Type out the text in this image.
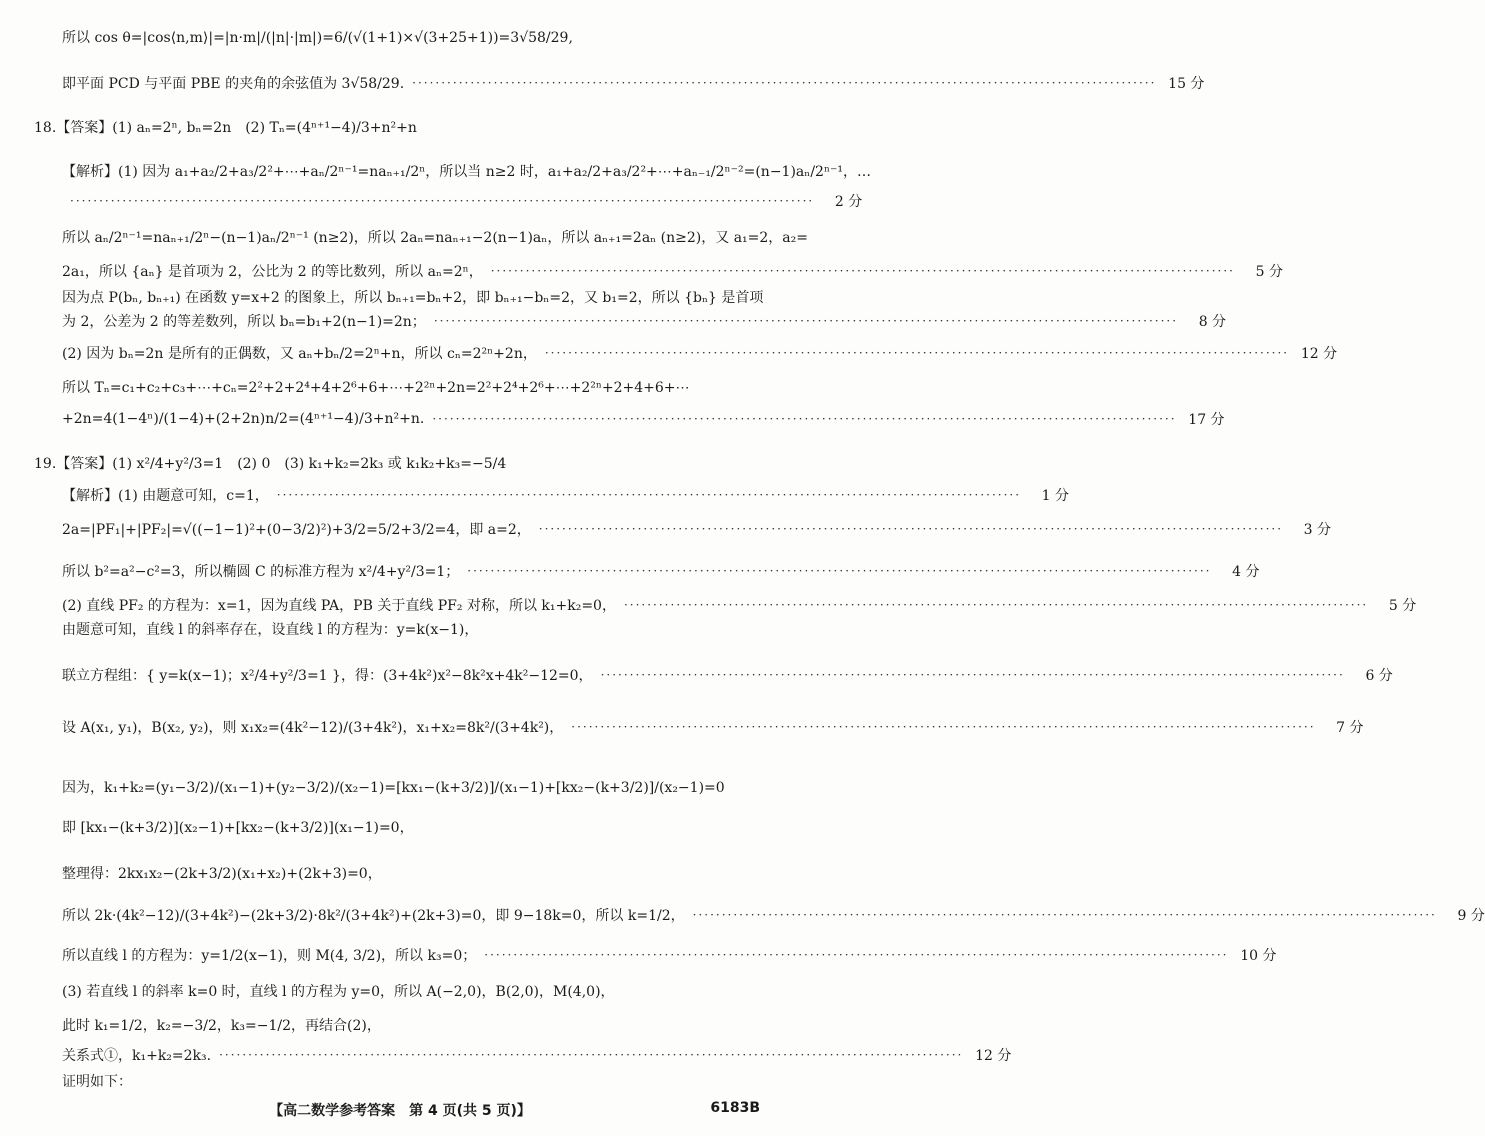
所以 cos θ=|cos⟨n,m⟩|=|n·m|/(|n|·|m|)=6/(√(1+1)×√(3+25+1))=3√58/29,
即平面 PCD 与平面 PBE 的夹角的余弦值为 3√58/29. ································································································································ 15 分
18.【答案】(1) aₙ=2ⁿ, bₙ=2n　(2) Tₙ=(4ⁿ⁺¹−4)/3+n²+n
【解析】(1) 因为 a₁+a₂/2+a₃/2²+⋯+aₙ/2ⁿ⁻¹=naₙ₊₁/2ⁿ，所以当 n≥2 时，a₁+a₂/2+a₃/2²+⋯+aₙ₋₁/2ⁿ⁻²=(n−1)aₙ/2ⁿ⁻¹，…
································································································································	2 分
所以 aₙ/2ⁿ⁻¹=naₙ₊₁/2ⁿ−(n−1)aₙ/2ⁿ⁻¹ (n≥2)，所以 2aₙ=naₙ₊₁−2(n−1)aₙ，所以 aₙ₊₁=2aₙ (n≥2)，又 a₁=2，a₂=
2a₁，所以 {aₙ} 是首项为 2，公比为 2 的等比数列，所以 aₙ=2ⁿ， ································································································································	5 分
因为点 P(bₙ, bₙ₊₁) 在函数 y=x+2 的图象上，所以 bₙ₊₁=bₙ+2，即 bₙ₊₁−bₙ=2，又 b₁=2，所以 {bₙ} 是首项
为 2，公差为 2 的等差数列，所以 bₙ=b₁+2(n−1)=2n； ································································································································	8 分
(2) 因为 bₙ=2n 是所有的正偶数，又 aₙ+bₙ/2=2ⁿ+n，所以 cₙ=2²ⁿ+2n， ································································································································ 12 分
所以 Tₙ=c₁+c₂+c₃+⋯+cₙ=2²+2+2⁴+4+2⁶+6+⋯+2²ⁿ+2n=2²+2⁴+2⁶+⋯+2²ⁿ+2+4+6+⋯
+2n=4(1−4ⁿ)/(1−4)+(2+2n)n/2=(4ⁿ⁺¹−4)/3+n²+n. ································································································································ 17 分
19.【答案】(1) x²/4+y²/3=1　(2) 0　(3) k₁+k₂=2k₃ 或 k₁k₂+k₃=−5/4
【解析】(1) 由题意可知，c=1， ································································································································	1 分
2a=|PF₁|+|PF₂|=√((−1−1)²+(0−3/2)²)+3/2=5/2+3/2=4，即 a=2， ································································································································	3 分
所以 b²=a²−c²=3，所以椭圆 C 的标准方程为 x²/4+y²/3=1； ································································································································	4 分
(2) 直线 PF₂ 的方程为：x=1，因为直线 PA，PB 关于直线 PF₂ 对称，所以 k₁+k₂=0， ································································································································	5 分
由题意可知，直线 l 的斜率存在，设直线 l 的方程为：y=k(x−1)，
联立方程组：{ y=k(x−1)；x²/4+y²/3=1 }，得：(3+4k²)x²−8k²x+4k²−12=0， ································································································································	6 分
设 A(x₁, y₁)，B(x₂, y₂)，则 x₁x₂=(4k²−12)/(3+4k²)，x₁+x₂=8k²/(3+4k²)， ································································································································	7 分
因为，k₁+k₂=(y₁−3/2)/(x₁−1)+(y₂−3/2)/(x₂−1)=[kx₁−(k+3/2)]/(x₁−1)+[kx₂−(k+3/2)]/(x₂−1)=0
即 [kx₁−(k+3/2)](x₂−1)+[kx₂−(k+3/2)](x₁−1)=0，
整理得：2kx₁x₂−(2k+3/2)(x₁+x₂)+(2k+3)=0，
所以 2k·(4k²−12)/(3+4k²)−(2k+3/2)·8k²/(3+4k²)+(2k+3)=0，即 9−18k=0，所以 k=1/2， ································································································································	9 分
所以直线 l 的方程为：y=1/2(x−1)，则 M(4, 3/2)，所以 k₃=0； ································································································································ 10 分
(3) 若直线 l 的斜率 k=0 时，直线 l 的方程为 y=0，所以 A(−2,0)，B(2,0)，M(4,0)，
此时 k₁=1/2，k₂=−3/2，k₃=−1/2，再结合(2)，
关系式①，k₁+k₂=2k₃. ································································································································ 12 分
证明如下：
【高二数学参考答案　第 4 页(共 5 页)】	6183B
